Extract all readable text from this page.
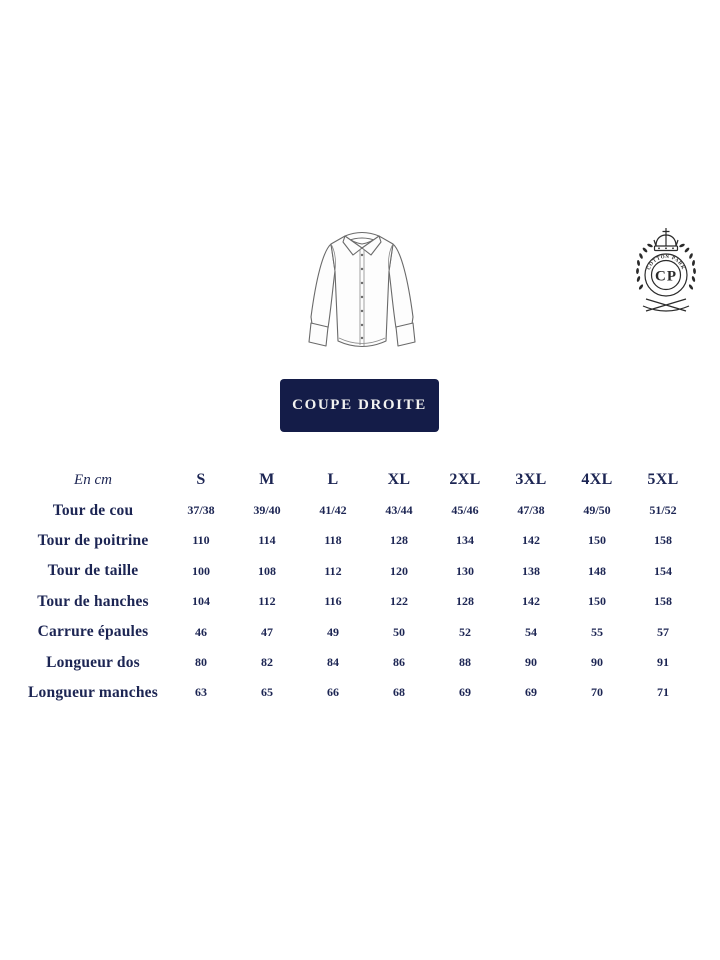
COTTON PARK
CP
COUPE DROITE
En cm	S	M	L	XL	2XL	3XL	4XL	5XL
Tour de cou	37/38	39/40	41/42	43/44	45/46	47/38	49/50	51/52
Tour de poitrine	110	114	118	128	134	142	150	158
Tour de taille	100	108	112	120	130	138	148	154
Tour de hanches	104	112	116	122	128	142	150	158
Carrure épaules	46	47	49	50	52	54	55	57
Longueur dos	80	82	84	86	88	90	90	91
Longueur manches	63	65	66	68	69	69	70	71
